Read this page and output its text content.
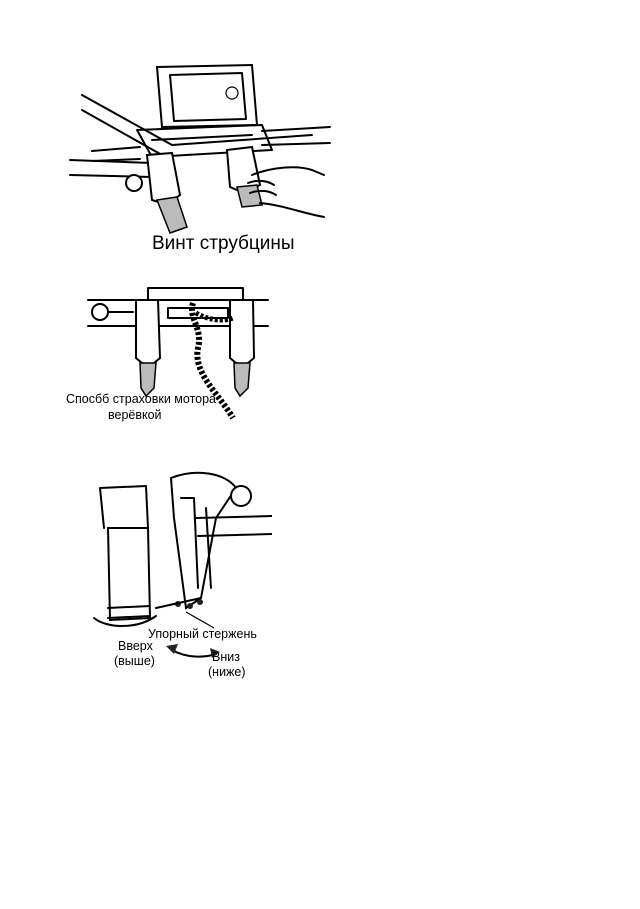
Винт струбцины
Спосбб страховки мотора
верёвкой
Упорный стержень
Вверх
(выше)	Вниз
(ниже)
